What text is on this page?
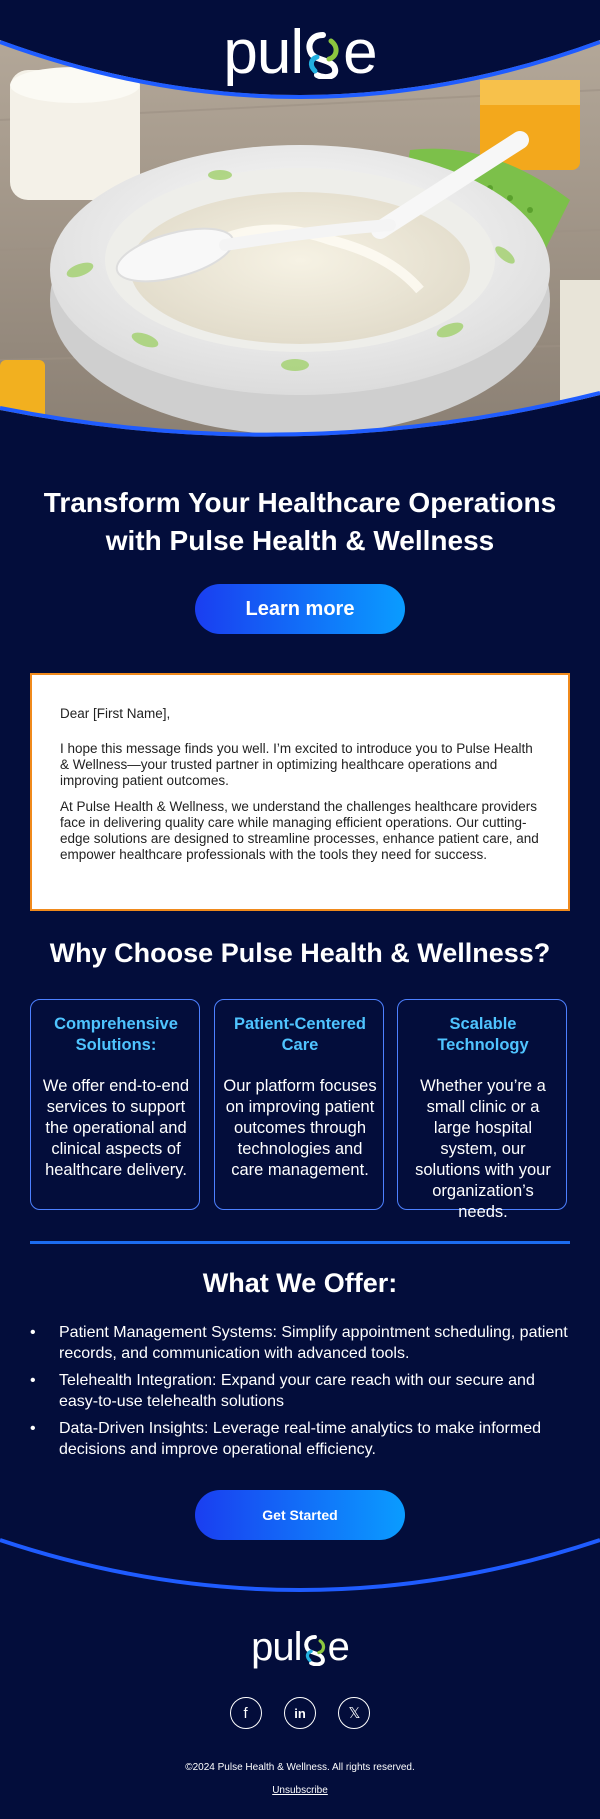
pul e
Transform Your Healthcare Operations
with Pulse Health & Wellness
Learn more

Dear [First Name],

I hope this message finds you well. I’m excited to introduce you to Pulse Health & Wellness—your trusted partner in optimizing healthcare operations and improving patient outcomes.

At Pulse Health & Wellness, we understand the challenges healthcare providers face in delivering quality care while managing efficient operations. Our cutting-edge solutions are designed to streamline processes, enhance patient care, and empower healthcare professionals with the tools they need for success.

Why Choose Pulse Health & Wellness?
Comprehensive Solutions:
We offer end-to-end services to support the operational and clinical aspects of healthcare delivery.
Patient-Centered Care
Our platform focuses on improving patient outcomes through technologies and care management.
Scalable Technology
Whether you’re a small clinic or a large hospital system, our solutions with your organization’s needs.
What We Offer:
• Patient Management Systems: Simplify appointment scheduling, patient records, and communication with advanced tools.
• Telehealth Integration: Expand your care reach with our secure and easy-to-use telehealth solutions
• Data-Driven Insights: Leverage real-time analytics to make informed decisions and improve operational efficiency.
Get Started
pul e
f	in	𝕏
©2024 Pulse Health & Wellness. All rights reserved.
Unsubscribe
